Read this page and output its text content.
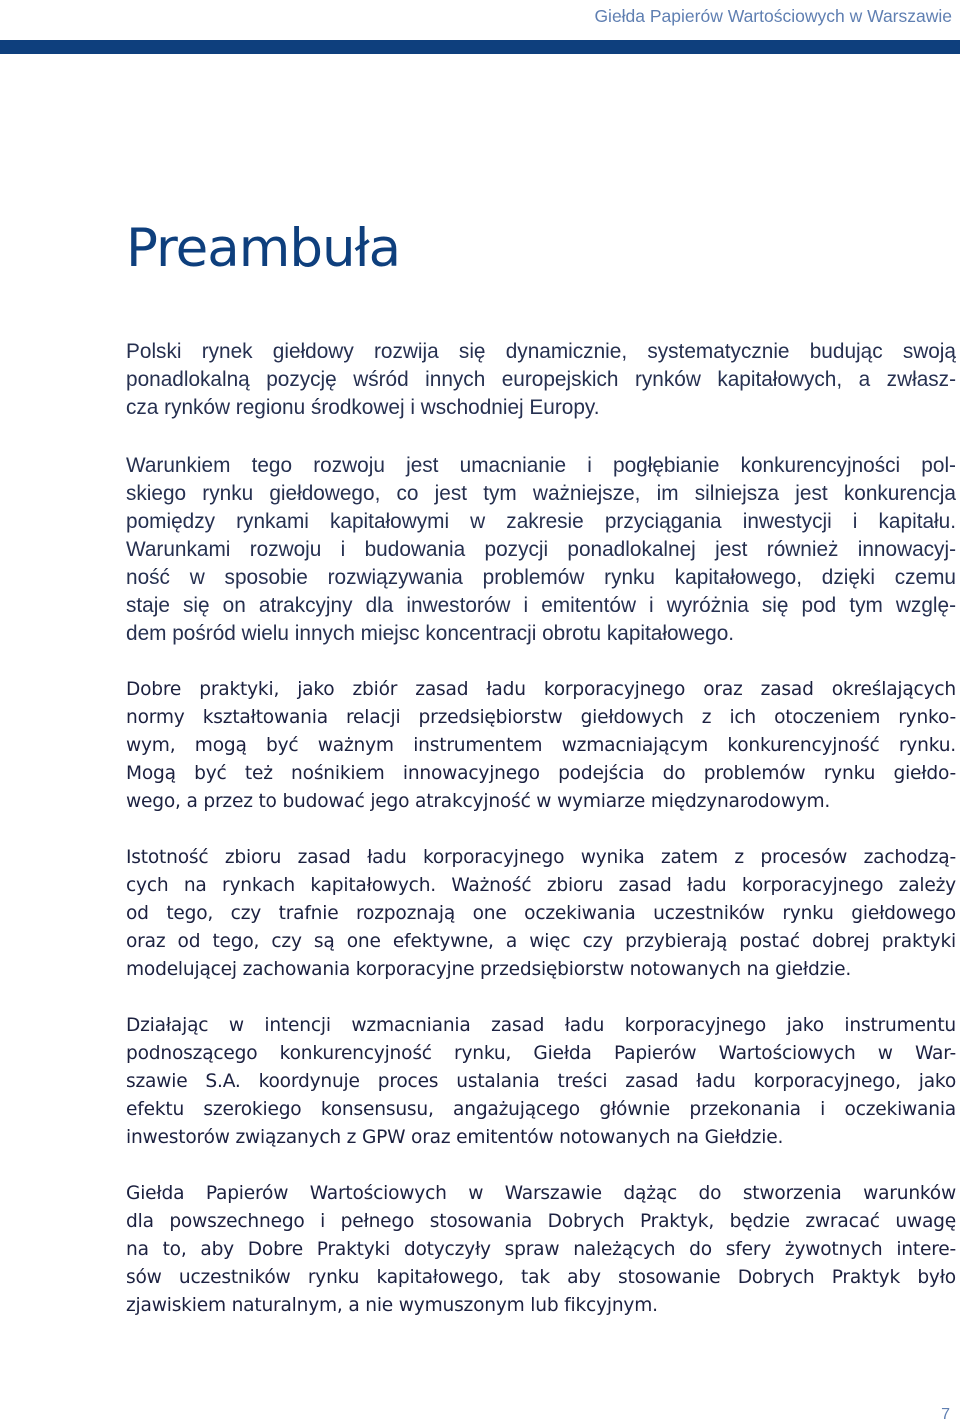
Giełda Papierów Wartościowych w Warszawie
Preambuła
Polski rynek giełdowy rozwija się dynamicznie, systematycznie budując swoją
ponadlokalną pozycję wśród innych europejskich rynków kapitałowych, a zwłasz-
cza rynków regionu środkowej i wschodniej Europy.
Warunkiem tego rozwoju jest umacnianie i pogłębianie konkurencyjności pol-
skiego rynku giełdowego, co jest tym ważniejsze, im silniejsza jest konkurencja
pomiędzy rynkami kapitałowymi w zakresie przyciągania inwestycji i kapitału.
Warunkami rozwoju i budowania pozycji ponadlokalnej jest również innowacyj-
ność w sposobie rozwiązywania problemów rynku kapitałowego, dzięki czemu
staje się on atrakcyjny dla inwestorów i emitentów i wyróżnia się pod tym wzglę-
dem pośród wielu innych miejsc koncentracji obrotu kapitałowego.
Dobre praktyki, jako zbiór zasad ładu korporacyjnego oraz zasad określających
normy kształtowania relacji przedsiębiorstw giełdowych z ich otoczeniem rynko-
wym, mogą być ważnym instrumentem wzmacniającym konkurencyjność rynku.
Mogą być też nośnikiem innowacyjnego podejścia do problemów rynku giełdo-
wego, a przez to budować jego atrakcyjność w wymiarze międzynarodowym.
Istotność zbioru zasad ładu korporacyjnego wynika zatem z procesów zachodzą-
cych na rynkach kapitałowych. Ważność zbioru zasad ładu korporacyjnego zależy
od tego, czy trafnie rozpoznają one oczekiwania uczestników rynku giełdowego
oraz od tego, czy są one efektywne, a więc czy przybierają postać dobrej praktyki
modelującej zachowania korporacyjne przedsiębiorstw notowanych na giełdzie.
Działając w intencji wzmacniania zasad ładu korporacyjnego jako instrumentu
podnoszącego konkurencyjność rynku, Giełda Papierów Wartościowych w War-
szawie S.A. koordynuje proces ustalania treści zasad ładu korporacyjnego, jako
efektu szerokiego konsensusu, angażującego głównie przekonania i oczekiwania
inwestorów związanych z GPW oraz emitentów notowanych na Giełdzie.
Giełda Papierów Wartościowych w Warszawie dążąc do stworzenia warunków
dla powszechnego i pełnego stosowania Dobrych Praktyk, będzie zwracać uwagę
na to, aby Dobre Praktyki dotyczyły spraw należących do sfery żywotnych intere-
sów uczestników rynku kapitałowego, tak aby stosowanie Dobrych Praktyk było
zjawiskiem naturalnym, a nie wymuszonym lub fikcyjnym.
7
